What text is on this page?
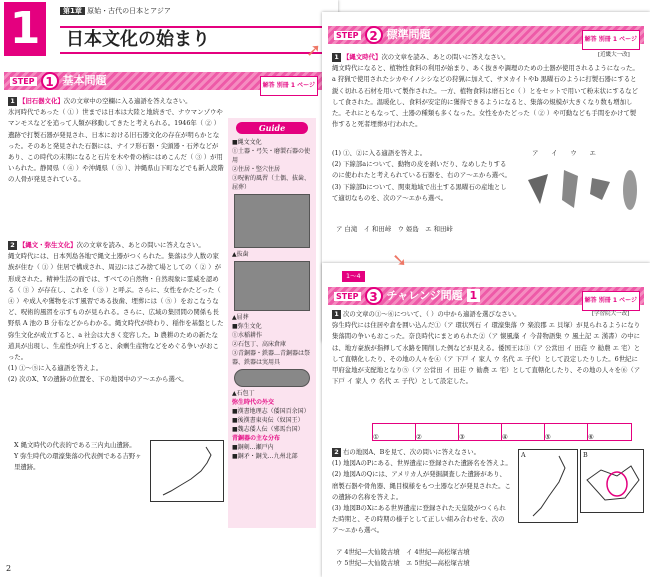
1	第1章 原始・古代の日本とアジア
日本文化の始まり
STEP 1 基本問題	解答 別冊 1 ページ
1 【旧石器文化】次の文章中の空欄に入る適語を答えなさい。
氷河時代であった（ ① ）世までは日本は大陸と地続きで、ナウマンゾウやマンモスなどを追って人類が移動してきたと考えられる。1946年（ ② ）遺跡で打製石器が発見され、日本における旧石器文化の存在が明らかとなった。そのあと発見された石器には、ナイフ形石器・尖頭器・石斧などがあり、この時代の末期になると石片を木や骨の柄にはめこんだ（ ③ ）が用いられた。静岡県（ ④ ）や沖縄県（ ⑤ ）、沖縄県山下町などでも新人段階の人骨が発見されている。
2 【縄文・弥生文化】次の文章を読み、あとの問いに答えなさい。
縄文時代には、日本列島各地で縄文土器がつくられた。集落は少人数の家族が住む（ ① ）住居で構成され、周辺にはごみ捨て場としての（ ② ）が形成された。精神生活の面では、すべての自然物・自然現象に霊威を認める（ ③ ）が存在し、これを（ ③ ）と呼ぶ。さらに、女性をかたどった（ ④ ）や成人や獲物を示す風習である抜歯、埋葬には（ ⑤ ）をおこなうなど、呪術的風習を示すものが見られる。さらに、広域の集団間の関係も長野県 A 池の B 分布などからわかる。縄文時代が終わり、稲作を基盤とした弥生文化が成立すると、a 社会は大きく変容した。b 農耕のための新たな道具が出現し、生産性が向上すると、余剰生産物などをめぐる争いがおこった。
(1) ①〜⑤に入る適語を答えよ。
(2) 次のX、Yの遺跡の位置を、下の地図中のア〜エから選べ。
X 縄文時代の代表的である三内丸山遺跡。
Y 弥生時代の環濠集落の代表例である吉野ヶ里遺跡。
Guide
■縄文文化
①土器・弓矢・磨製石器の使用
②住居・竪穴住居
③呪術的風習（土偶、抜歯、屈葬）
▲抜歯
▲屈葬
■弥生文化
①水稲耕作
②石包丁、高床倉庫
③青銅器・鉄器…青銅器は祭器、鉄器は実用具
▲石包丁
弥生時代の外交
■漢書地理志（倭国百余国）
■後漢書東夷伝（奴国王）
■魏志倭人伝（邪馬台国）
青銅器の主な分布
■銅剣…瀬戸内
■銅矛・銅戈…九州北部
2
STEP 2 標準問題	解答 別冊 1 ページ
[近畿大一改]
1 【縄文時代】次の文章を読み、あとの問いに答えなさい。
縄文時代になると、植物性食料の利用が始まり、あく抜きや調理のための土器が使用されるようになった。a 狩猟で使用されたシカやイノシシなどの狩猟に加えて、サヌカイトやb 黒曜石のように打製石器にすると鋭く切れる石材を用いて製作された。一方、植物食料は磨石とc（ ）とをセットで用いて粉末状にするなどして食された。温暖化し、食料が安定的に獲得できるようになると、集落の規模が大きくなり数も増加した。それにともなって、土器の種類も多くなった。女性をかたどった（ ② ）や可動なども手間をかけて製作すると死者埋葬が行われた。
(1) ①、②に入る適語を答えよ。
(2) 下線部aについて、動物の皮を剥いだり、なめしたりするのに使われたと考えられている石器を、右のア〜エから選べ。
(3) 下線部bについて、関東地域で出土する黒曜石の産地として適切なものを、次のア〜エから選べ。
ア 白滝　 イ 和田峠　 ウ 姫島　 エ 和田峠
ア　　 イ　　 ウ　　 エ
1〜4
STEP 3 チャレンジ問題 1	解答 別冊 1 ページ
[学習院大一改]
1 次の文章の①〜⑥について、（ ）の中から適語を選びなさい。
弥生時代には住居や倉を囲い込んだ①（ア 環状列石 イ 環濠集落 ウ 楽浪郡 エ 貝塚）が見られるようになり集落間の争いもおこった。奈良時代にまとめられた②（ア 懐風藻 イ 今昔物語集 ウ 風土記 エ 漢書）の中には、地方豪族が指揮して水路を開削した例などが見える。倭国王は③（ア 公営田 イ 田荘 ウ 勧農 エ 宅）として直轄化したり、その地の人々を④（ア 下戸 イ 家人 ウ 名代 エ 子代）として設定したりした。6世紀に甲府盆地が支配地となり⑤（ア 公営田 イ 田荘 ウ 勧農 エ 宅）として直轄化したり、その地の人々を⑥（ア 下戸 イ 家人 ウ 名代 エ 子代）として設定した。
①	②	③	④	⑤	⑥
2 右の地図A、Bを見て、次の問いに答えなさい。
(1) 地図AのPにある、世界遺産に登録された遺跡名を答えよ。
(2) 地図AのQには、アメリカ人が発掘調査した遺跡があり、磨製石器や骨角器、縄目模様をもつ土器などが発見された。この遺跡の名称を答えよ。
(3) 地図BのXにある世界遺産に登録された天皇陵がつくられた時期と、その時期の様子として正しい組み合わせを、次のア〜エから選べ。
ア 4世紀―大仙陵古墳　 イ 4世紀―高松塚古墳
ウ 5世紀―大仙陵古墳　 エ 5世紀―高松塚古墳
A	B
➚
➘
